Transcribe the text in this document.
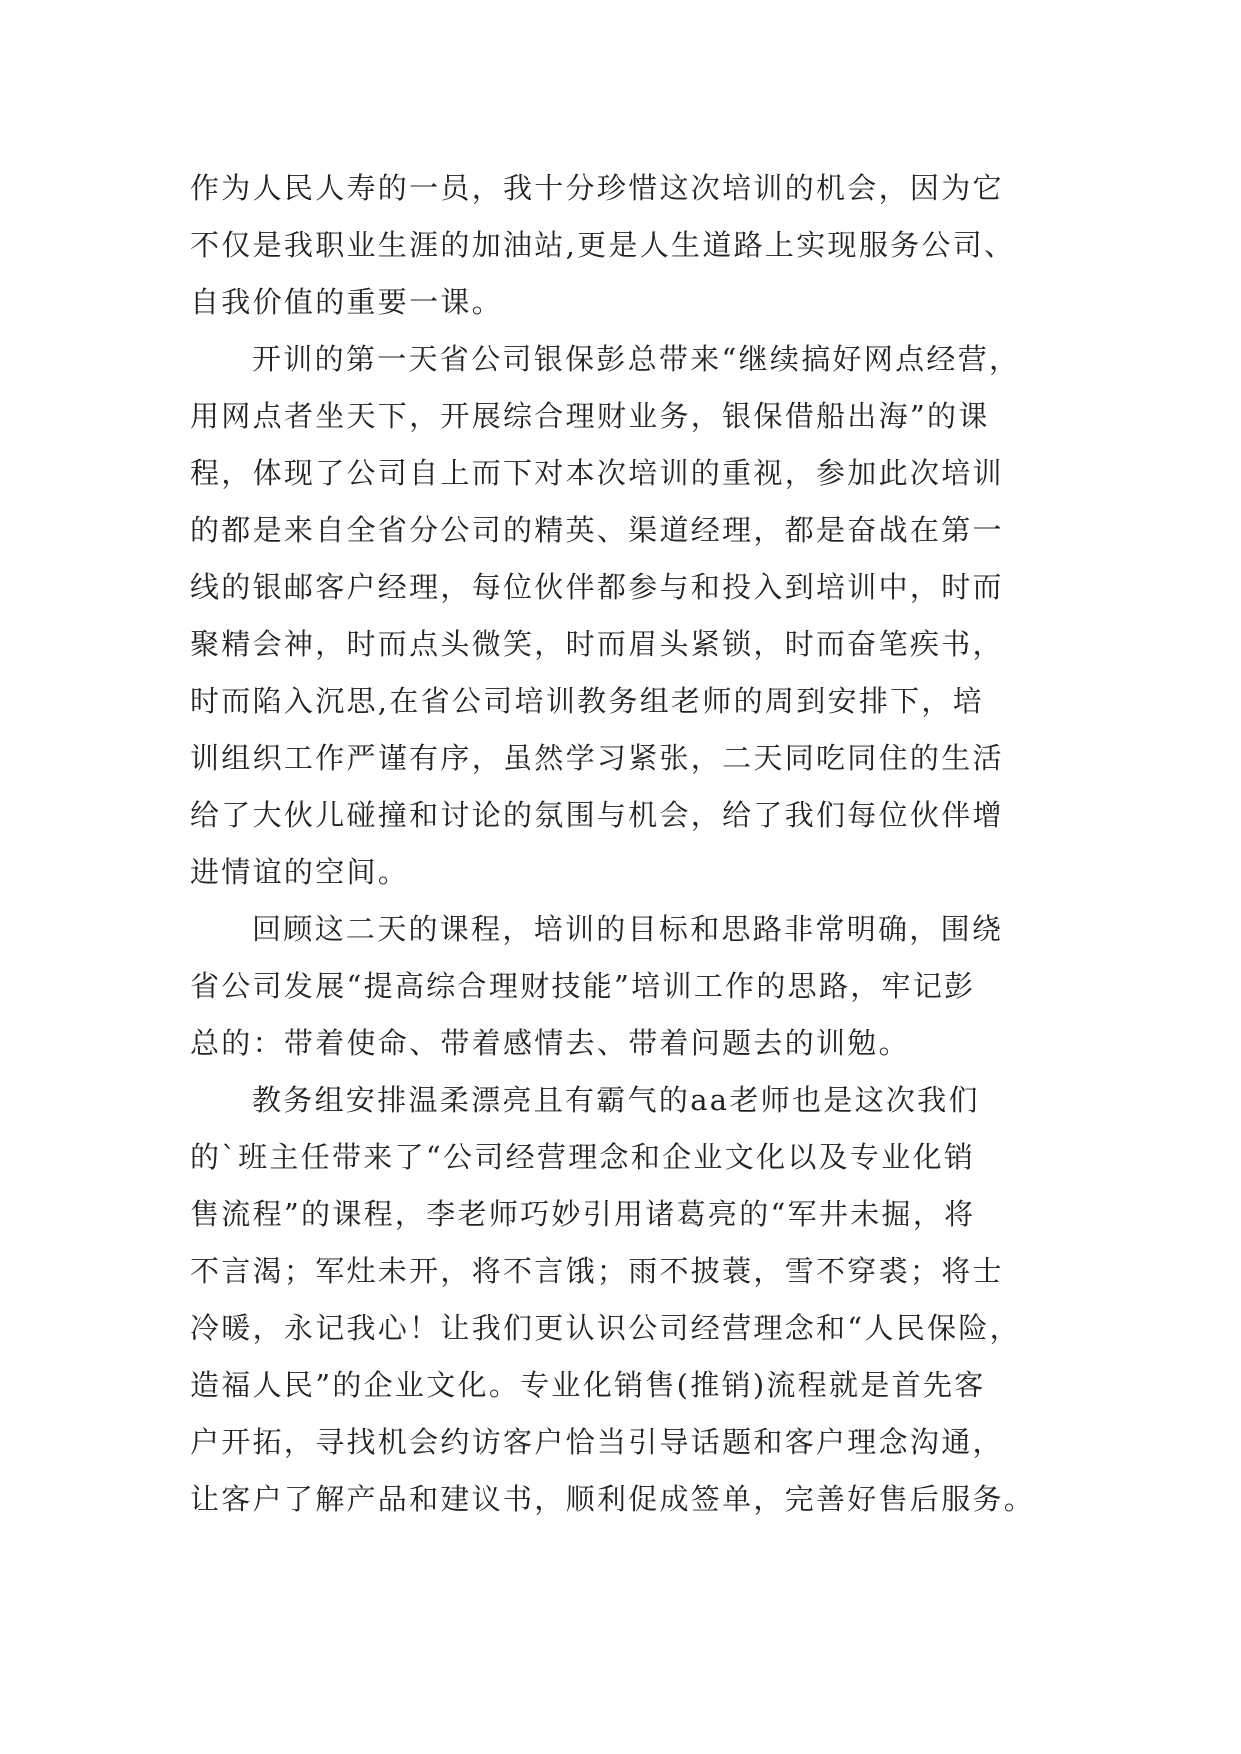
作为人民人寿的一员，我十分珍惜这次培训的机会，因为它
不仅是我职业生涯的加油站,更是人生道路上实现服务公司、
自我价值的重要一课。
开训的第一天省公司银保彭总带来“继续搞好网点经营，
用网点者坐天下，开展综合理财业务，银保借船出海”的课
程，体现了公司自上而下对本次培训的重视，参加此次培训
的都是来自全省分公司的精英、渠道经理，都是奋战在第一
线的银邮客户经理，每位伙伴都参与和投入到培训中，时而
聚精会神，时而点头微笑，时而眉头紧锁，时而奋笔疾书，
时而陷入沉思,在省公司培训教务组老师的周到安排下，培
训组织工作严谨有序，虽然学习紧张，二天同吃同住的生活
给了大伙儿碰撞和讨论的氛围与机会，给了我们每位伙伴增
进情谊的空间。
回顾这二天的课程，培训的目标和思路非常明确，围绕
省公司发展“提高综合理财技能”培训工作的思路，牢记彭
总的：带着使命、带着感情去、带着问题去的训勉。
教务组安排温柔漂亮且有霸气的aa老师也是这次我们
的`班主任带来了“公司经营理念和企业文化以及专业化销
售流程”的课程，李老师巧妙引用诸葛亮的“军井未掘，将
不言渴；军灶未开，将不言饿；雨不披蓑，雪不穿裘；将士
冷暖，永记我心！让我们更认识公司经营理念和“人民保险，
造福人民”的企业文化。专业化销售(推销)流程就是首先客
户开拓，寻找机会约访客户恰当引导话题和客户理念沟通，
让客户了解产品和建议书，顺利促成签单，完善好售后服务。
